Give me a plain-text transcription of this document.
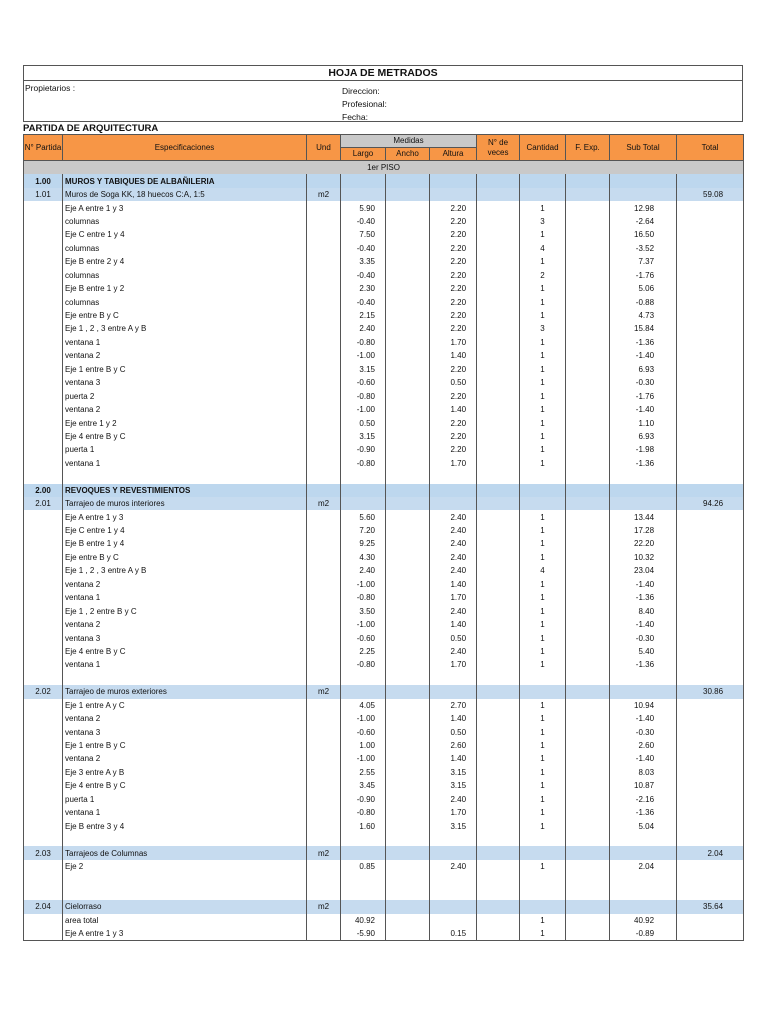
HOJA DE METRADOS
Propietarios :	Direccion:
Profesional:
Fecha:
PARTIDA DE ARQUITECTURA
N° Partida	Especificaciones	Und	Medidas			N° de veces	Cantidad	F. Exp.	Sub Total	Total
			Largo	Ancho	Altura					
1er PISO										
1.00	MUROS Y TABIQUES DE ALBAÑILERIA									
1.01	Muros de Soga KK, 18 huecos C:A, 1:5	m2								59.08
	Eje A entre 1 y 3		5.90		2.20		1		12.98	
	columnas		-0.40		2.20		3		-2.64	
	Eje C entre 1 y 4		7.50		2.20		1		16.50	
	columnas		-0.40		2.20		4		-3.52	
	Eje B entre 2 y 4		3.35		2.20		1		7.37	
	columnas		-0.40		2.20		2		-1.76	
	Eje B entre 1 y 2		2.30		2.20		1		5.06	
	columnas		-0.40		2.20		1		-0.88	
	Eje entre B y C		2.15		2.20		1		4.73	
	Eje 1 , 2 , 3 entre A y B		2.40		2.20		3		15.84	
	ventana 1		-0.80		1.70		1		-1.36	
	ventana 2		-1.00		1.40		1		-1.40	
	Eje 1 entre B y C		3.15		2.20		1		6.93	
	ventana 3		-0.60		0.50		1		-0.30	
	puerta 2		-0.80		2.20		1		-1.76	
	ventana 2		-1.00		1.40		1		-1.40	
	Eje entre 1 y 2		0.50		2.20		1		1.10	
	Eje 4 entre B y C		3.15		2.20		1		6.93	
	puerta 1		-0.90		2.20		1		-1.98	
	ventana 1		-0.80		1.70		1		-1.36	

2.00	REVOQUES Y REVESTIMIENTOS									
2.01	Tarrajeo de muros interiores	m2								94.26
	Eje A entre 1 y 3		5.60		2.40		1		13.44	
	Eje C entre 1 y 4		7.20		2.40		1		17.28	
	Eje B entre 1 y 4		9.25		2.40		1		22.20	
	Eje entre B y C		4.30		2.40		1		10.32	
	Eje 1 , 2 , 3 entre A y B		2.40		2.40		4		23.04	
	ventana 2		-1.00		1.40		1		-1.40	
	ventana 1		-0.80		1.70		1		-1.36	
	Eje 1 , 2 entre B y C		3.50		2.40		1		8.40	
	ventana 2		-1.00		1.40		1		-1.40	
	ventana 3		-0.60		0.50		1		-0.30	
	Eje 4 entre B y C		2.25		2.40		1		5.40	
	ventana 1		-0.80		1.70		1		-1.36	

2.02	Tarrajeo de muros exteriores	m2								30.86
	Eje 1 entre A y C		4.05		2.70		1		10.94	
	ventana 2		-1.00		1.40		1		-1.40	
	ventana 3		-0.60		0.50		1		-0.30	
	Eje 1 entre B y C		1.00		2.60		1		2.60	
	ventana 2		-1.00		1.40		1		-1.40	
	Eje 3 entre A y B		2.55		3.15		1		8.03	
	Eje 4 entre B y C		3.45		3.15		1		10.87	
	puerta 1		-0.90		2.40		1		-2.16	
	ventana 1		-0.80		1.70		1		-1.36	
	Eje B entre 3 y 4		1.60		3.15		1		5.04	

2.03	Tarrajeos de Columnas	m2								2.04
	Eje 2		0.85		2.40		1		2.04	

2.04	Cielorraso	m2								35.64
	area total		40.92				1		40.92	
	Eje A entre 1 y 3		-5.90		0.15		1		-0.89	
